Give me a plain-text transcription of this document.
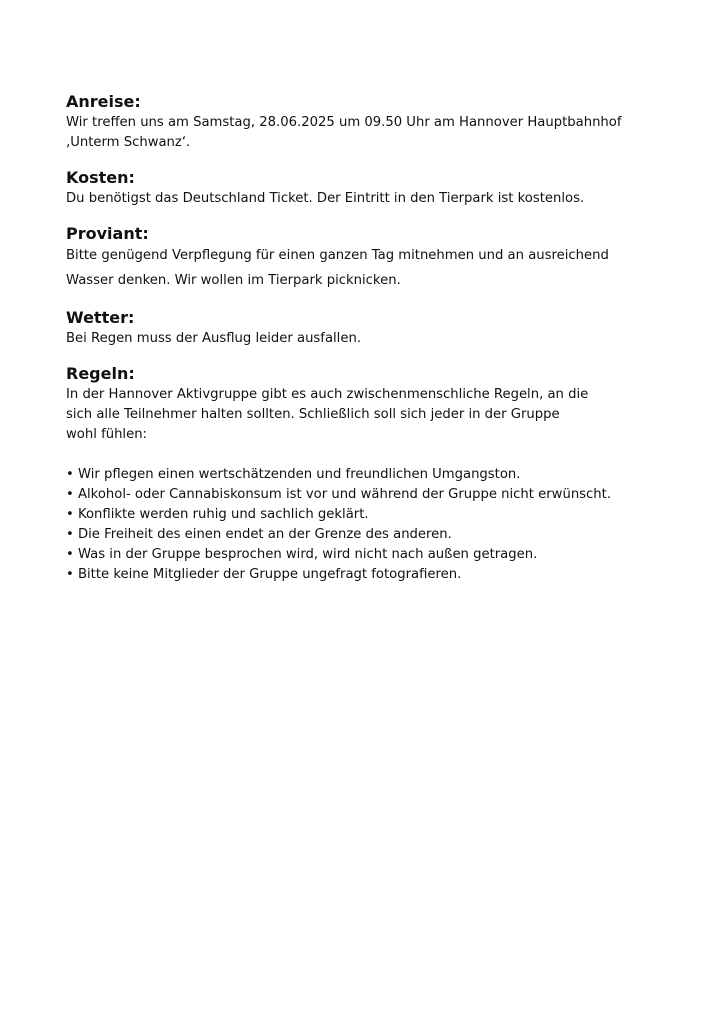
Anreise:

Wir treffen uns am Samstag, 28.06.2025 um 09.50 Uhr am Hannover Hauptbahnhof
‚Unterm Schwanz‘.

Kosten:

Du benötigst das Deutschland Ticket. Der Eintritt in den Tierpark ist kostenlos.

Proviant:

Bitte genügend Verpflegung für einen ganzen Tag mitnehmen und an ausreichend
Wasser denken. Wir wollen im Tierpark picknicken.

Wetter:

Bei Regen muss der Ausflug leider ausfallen.

Regeln:

In der Hannover Aktivgruppe gibt es auch zwischenmenschliche Regeln, an die
sich alle Teilnehmer halten sollten. Schließlich soll sich jeder in der Gruppe
wohl fühlen:

• Wir pflegen einen wertschätzenden und freundlichen Umgangston.
• Alkohol- oder Cannabiskonsum ist vor und während der Gruppe nicht erwünscht.
• Konflikte werden ruhig und sachlich geklärt.
• Die Freiheit des einen endet an der Grenze des anderen.
• Was in der Gruppe besprochen wird, wird nicht nach außen getragen.
• Bitte keine Mitglieder der Gruppe ungefragt fotografieren.
